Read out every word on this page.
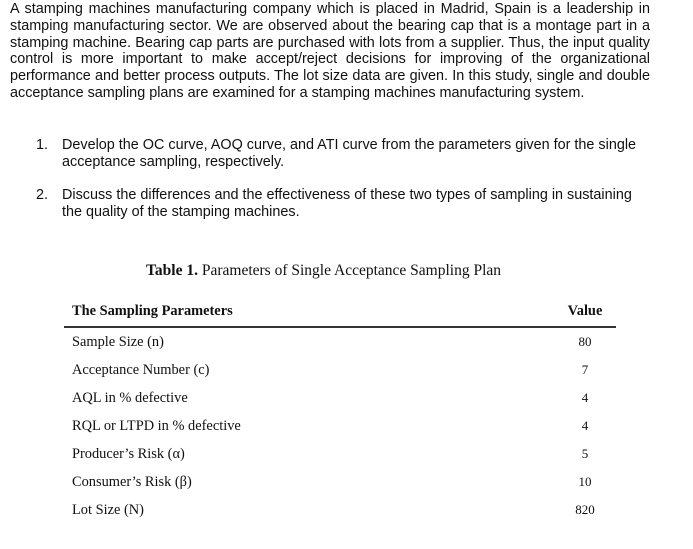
A stamping machines manufacturing company which is placed in Madrid, Spain is a leadership in stamping manufacturing sector. We are observed about the bearing cap that is a montage part in a stamping machine. Bearing cap parts are purchased with lots from a supplier. Thus, the input quality control is more important to make accept/reject decisions for improving of the organizational performance and better process outputs. The lot size data are given. In this study, single and double acceptance sampling plans are examined for a stamping machines manufacturing system.

1. Develop the OC curve, AOQ curve, and ATI curve from the parameters given for the single acceptance sampling, respectively.
2. Discuss the differences and the effectiveness of these two types of sampling in sustaining the quality of the stamping machines.

Table 1. Parameters of Single Acceptance Sampling Plan

The Sampling Parameters	Value
Sample Size (n)	80
Acceptance Number (c)	7
AQL in % defective	4
RQL or LTPD in % defective	4
Producer’s Risk (α)	5
Consumer’s Risk (β)	10
Lot Size (N)	820
